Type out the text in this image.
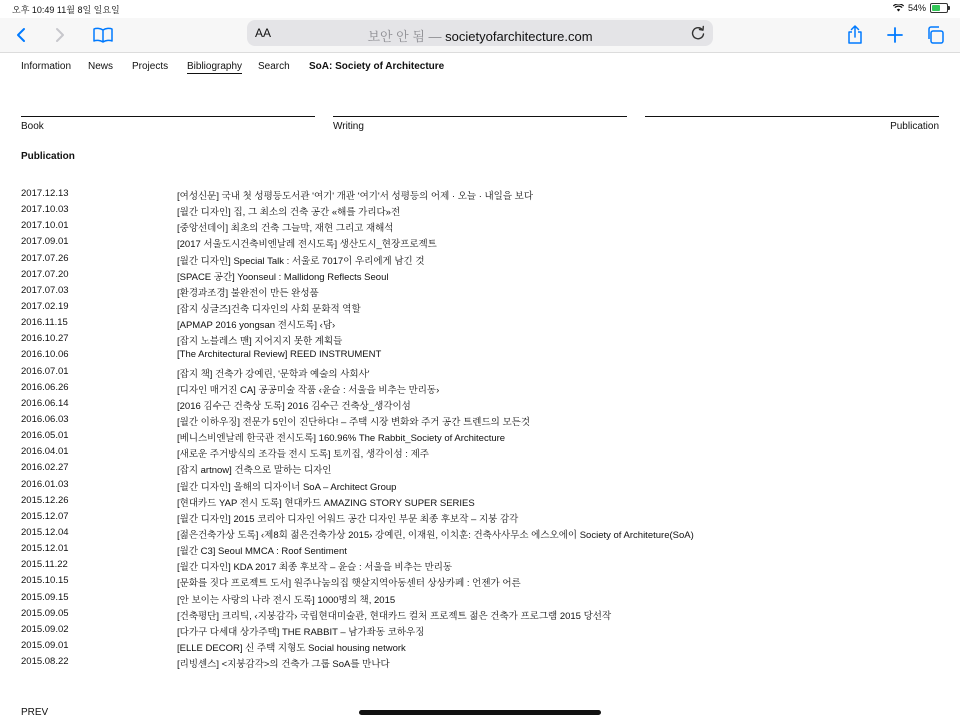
오후 10:49 11월 8일 일요일	54%
AA	보안 안 됨 — societyofarchitecture.com
Information News Projects Bibliography Search SoA: Society of Architecture
Book	Writing	Publication
Publication
2017.12.13	[여성신문] 국내 첫 성평등도서관 '여기' 개관 '여기'서 성평등의 어제 · 오늘 · 내일을 보다
2017.10.03	[월간 디자인] 집, 그 최소의 건축 공간 «해를 가리다»전
2017.10.01	[중앙선데이] 최초의 건축 그늘막, 재현 그리고 재해석
2017.09.01	[2017 서울도시건축비엔날레 전시도록] 생산도시_현장프로젝트
2017.07.26	[월간 디자인] Special Talk : 서울로 7017이 우리에게 남긴 것
2017.07.20	[SPACE 공간] Yoonseul : Mallidong Reflects Seoul
2017.07.03	[환경과조경] 불완전이 만든 완성품
2017.02.19	[잡지 싱글즈]건축 디자인의 사회 문화적 역할
2016.11.15	[APMAP 2016 yongsan 전시도록] ‹담›
2016.10.27	[잡지 노블레스 맨] 지어지지 못한 계획들
2016.10.06	[The Architectural Review] REED INSTRUMENT
2016.07.01	[잡지 책] 건축가 강예린, '문학과 예술의 사회사'
2016.06.26	[디자인 매거진 CA] 공공미술 작품 ‹윤슬 : 서울을 비추는 만리동›
2016.06.14	[2016 김수근 건축상 도록] 2016 김수근 건축상_생각이섬
2016.06.03	[월간 이하우징] 전문가 5인이 진단하다! – 주택 시장 변화와 주거 공간 트렌드의 모든것
2016.05.01	[베니스비엔날레 한국관 전시도록] 160.96% The Rabbit_Society of Architecture
2016.04.01	[새로운 주거방식의 조각들 전시 도록] 토끼집, 생각이섬 : 제주
2016.02.27	[잡지 artnow] 건축으로 말하는 디자인
2016.01.03	[월간 디자인] 올해의 디자이너 SoA – Architect Group
2015.12.26	[현대카드 YAP 전시 도록] 현대카드 AMAZING STORY SUPER SERIES
2015.12.07	[월간 디자인] 2015 코리아 디자인 어워드 공간 디자인 부문 최종 후보작 – 지붕 감각
2015.12.04	[젊은건축가상 도록] ‹제8회 젊은건축가상 2015› 강예린, 이재원, 이치훈: 건축사사무소 에스오에이 Society of Architeture(SoA)
2015.12.01	[월간 C3] Seoul MMCA : Roof Sentiment
2015.11.22	[월간 디자인] KDA 2017 최종 후보작 – 윤슬 : 서울을 비추는 만리동
2015.10.15	[문화를 짓다 프로젝트 도서] 원주나눔의집 햇살지역아동센터 상상카페 : 언젠가 어른
2015.09.15	[안 보이는 사랑의 나라 전시 도록] 1000명의 책, 2015
2015.09.05	[건축평단] 크리틱, ‹지붕감각› 국립현대미술관, 현대카드 컬처 프로젝트 젊은 건축가 프로그램 2015 당선작
2015.09.02	[다가구 다세대 상가주택] THE RABBIT – 남가좌동 코하우징
2015.09.01	[ELLE DECOR] 신 주택 지형도 Social housing network
2015.08.22	[리빙센스] <지붕감각>의 건축가 그룹 SoA를 만나다
PREV
